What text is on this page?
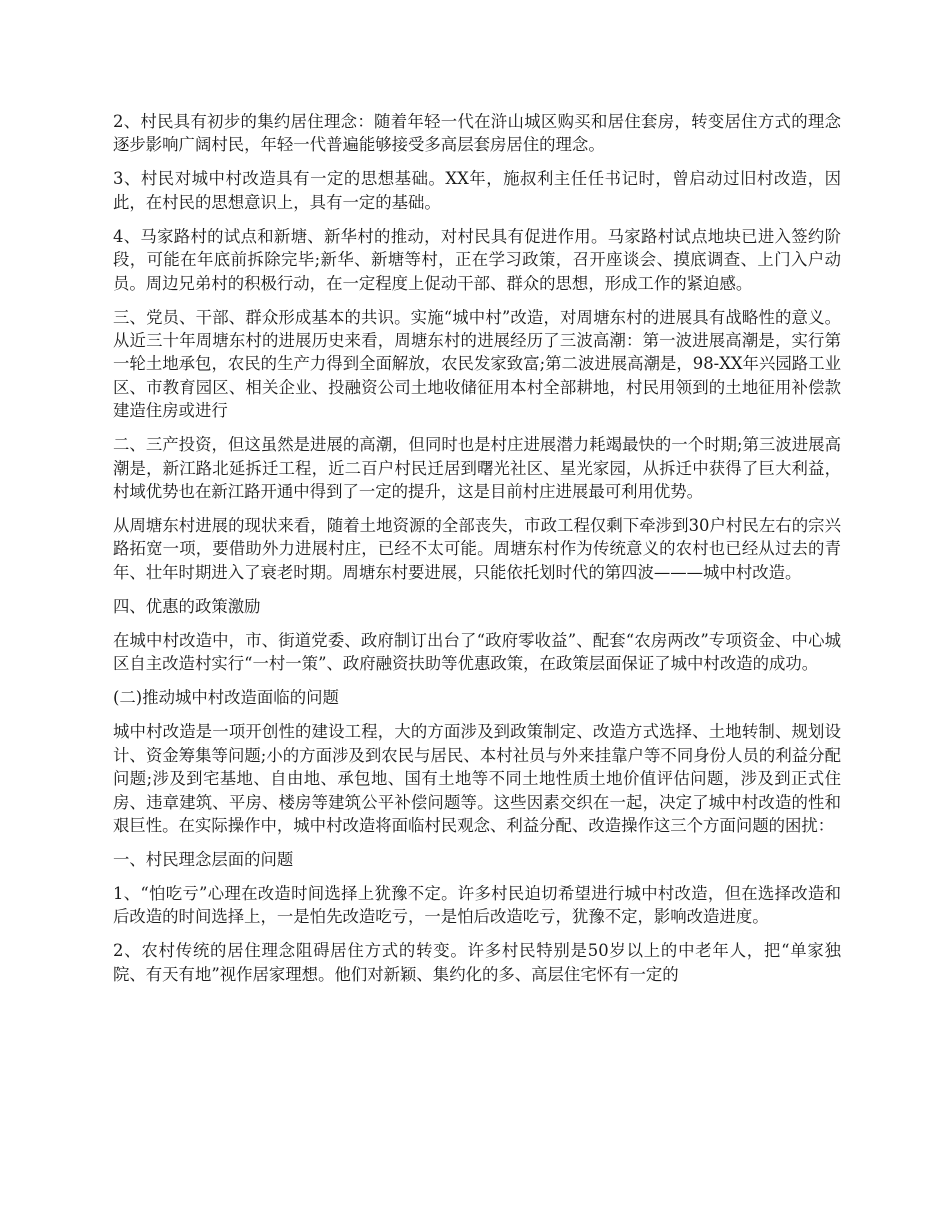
2、村民具有初步的集约居住理念：随着年轻一代在浒山城区购买和居住套房，转变居住方式的理念逐步影响广阔村民，年轻一代普遍能够接受多高层套房居住的理念。

3、村民对城中村改造具有一定的思想基础。XX年，施叔利主任任书记时，曾启动过旧村改造，因此，在村民的思想意识上，具有一定的基础。

4、马家路村的试点和新塘、新华村的推动，对村民具有促进作用。马家路村试点地块已进入签约阶段，可能在年底前拆除完毕;新华、新塘等村，正在学习政策，召开座谈会、摸底调查、上门入户动员。周边兄弟村的积极行动，在一定程度上促动干部、群众的思想，形成工作的紧迫感。

三、党员、干部、群众形成基本的共识。实施“城中村”改造，对周塘东村的进展具有战略性的意义。从近三十年周塘东村的进展历史来看，周塘东村的进展经历了三波高潮：第一波进展高潮是，实行第一轮土地承包，农民的生产力得到全面解放，农民发家致富;第二波进展高潮是，98-XX年兴园路工业区、市教育园区、相关企业、投融资公司土地收储征用本村全部耕地，村民用领到的土地征用补偿款建造住房或进行

二、三产投资，但这虽然是进展的高潮，但同时也是村庄进展潜力耗竭最快的一个时期;第三波进展高潮是，新江路北延拆迁工程，近二百户村民迁居到曙光社区、星光家园，从拆迁中获得了巨大利益，村域优势也在新江路开通中得到了一定的提升，这是目前村庄进展最可利用优势。

从周塘东村进展的现状来看，随着土地资源的全部丧失，市政工程仅剩下牵涉到30户村民左右的宗兴路拓宽一项，要借助外力进展村庄，已经不太可能。周塘东村作为传统意义的农村也已经从过去的青年、壮年时期进入了衰老时期。周塘东村要进展，只能依托划时代的第四波———城中村改造。

四、优惠的政策激励

在城中村改造中，市、街道党委、政府制订出台了“政府零收益”、配套“农房两改”专项资金、中心城区自主改造村实行“一村一策”、政府融资扶助等优惠政策，在政策层面保证了城中村改造的成功。

(二)推动城中村改造面临的问题

城中村改造是一项开创性的建设工程，大的方面涉及到政策制定、改造方式选择、土地转制、规划设计、资金筹集等问题;小的方面涉及到农民与居民、本村社员与外来挂靠户等不同身份人员的利益分配问题;涉及到宅基地、自由地、承包地、国有土地等不同土地性质土地价值评估问题，涉及到正式住房、违章建筑、平房、楼房等建筑公平补偿问题等。这些因素交织在一起，决定了城中村改造的性和艰巨性。在实际操作中，城中村改造将面临村民观念、利益分配、改造操作这三个方面问题的困扰：

一、村民理念层面的问题

1、“怕吃亏”心理在改造时间选择上犹豫不定。许多村民迫切希望进行城中村改造，但在选择改造和后改造的时间选择上，一是怕先改造吃亏，一是怕后改造吃亏，犹豫不定，影响改造进度。

2、农村传统的居住理念阻碍居住方式的转变。许多村民特别是50岁以上的中老年人，把“单家独院、有天有地”视作居家理想。他们对新颖、集约化的多、高层住宅怀有一定的
